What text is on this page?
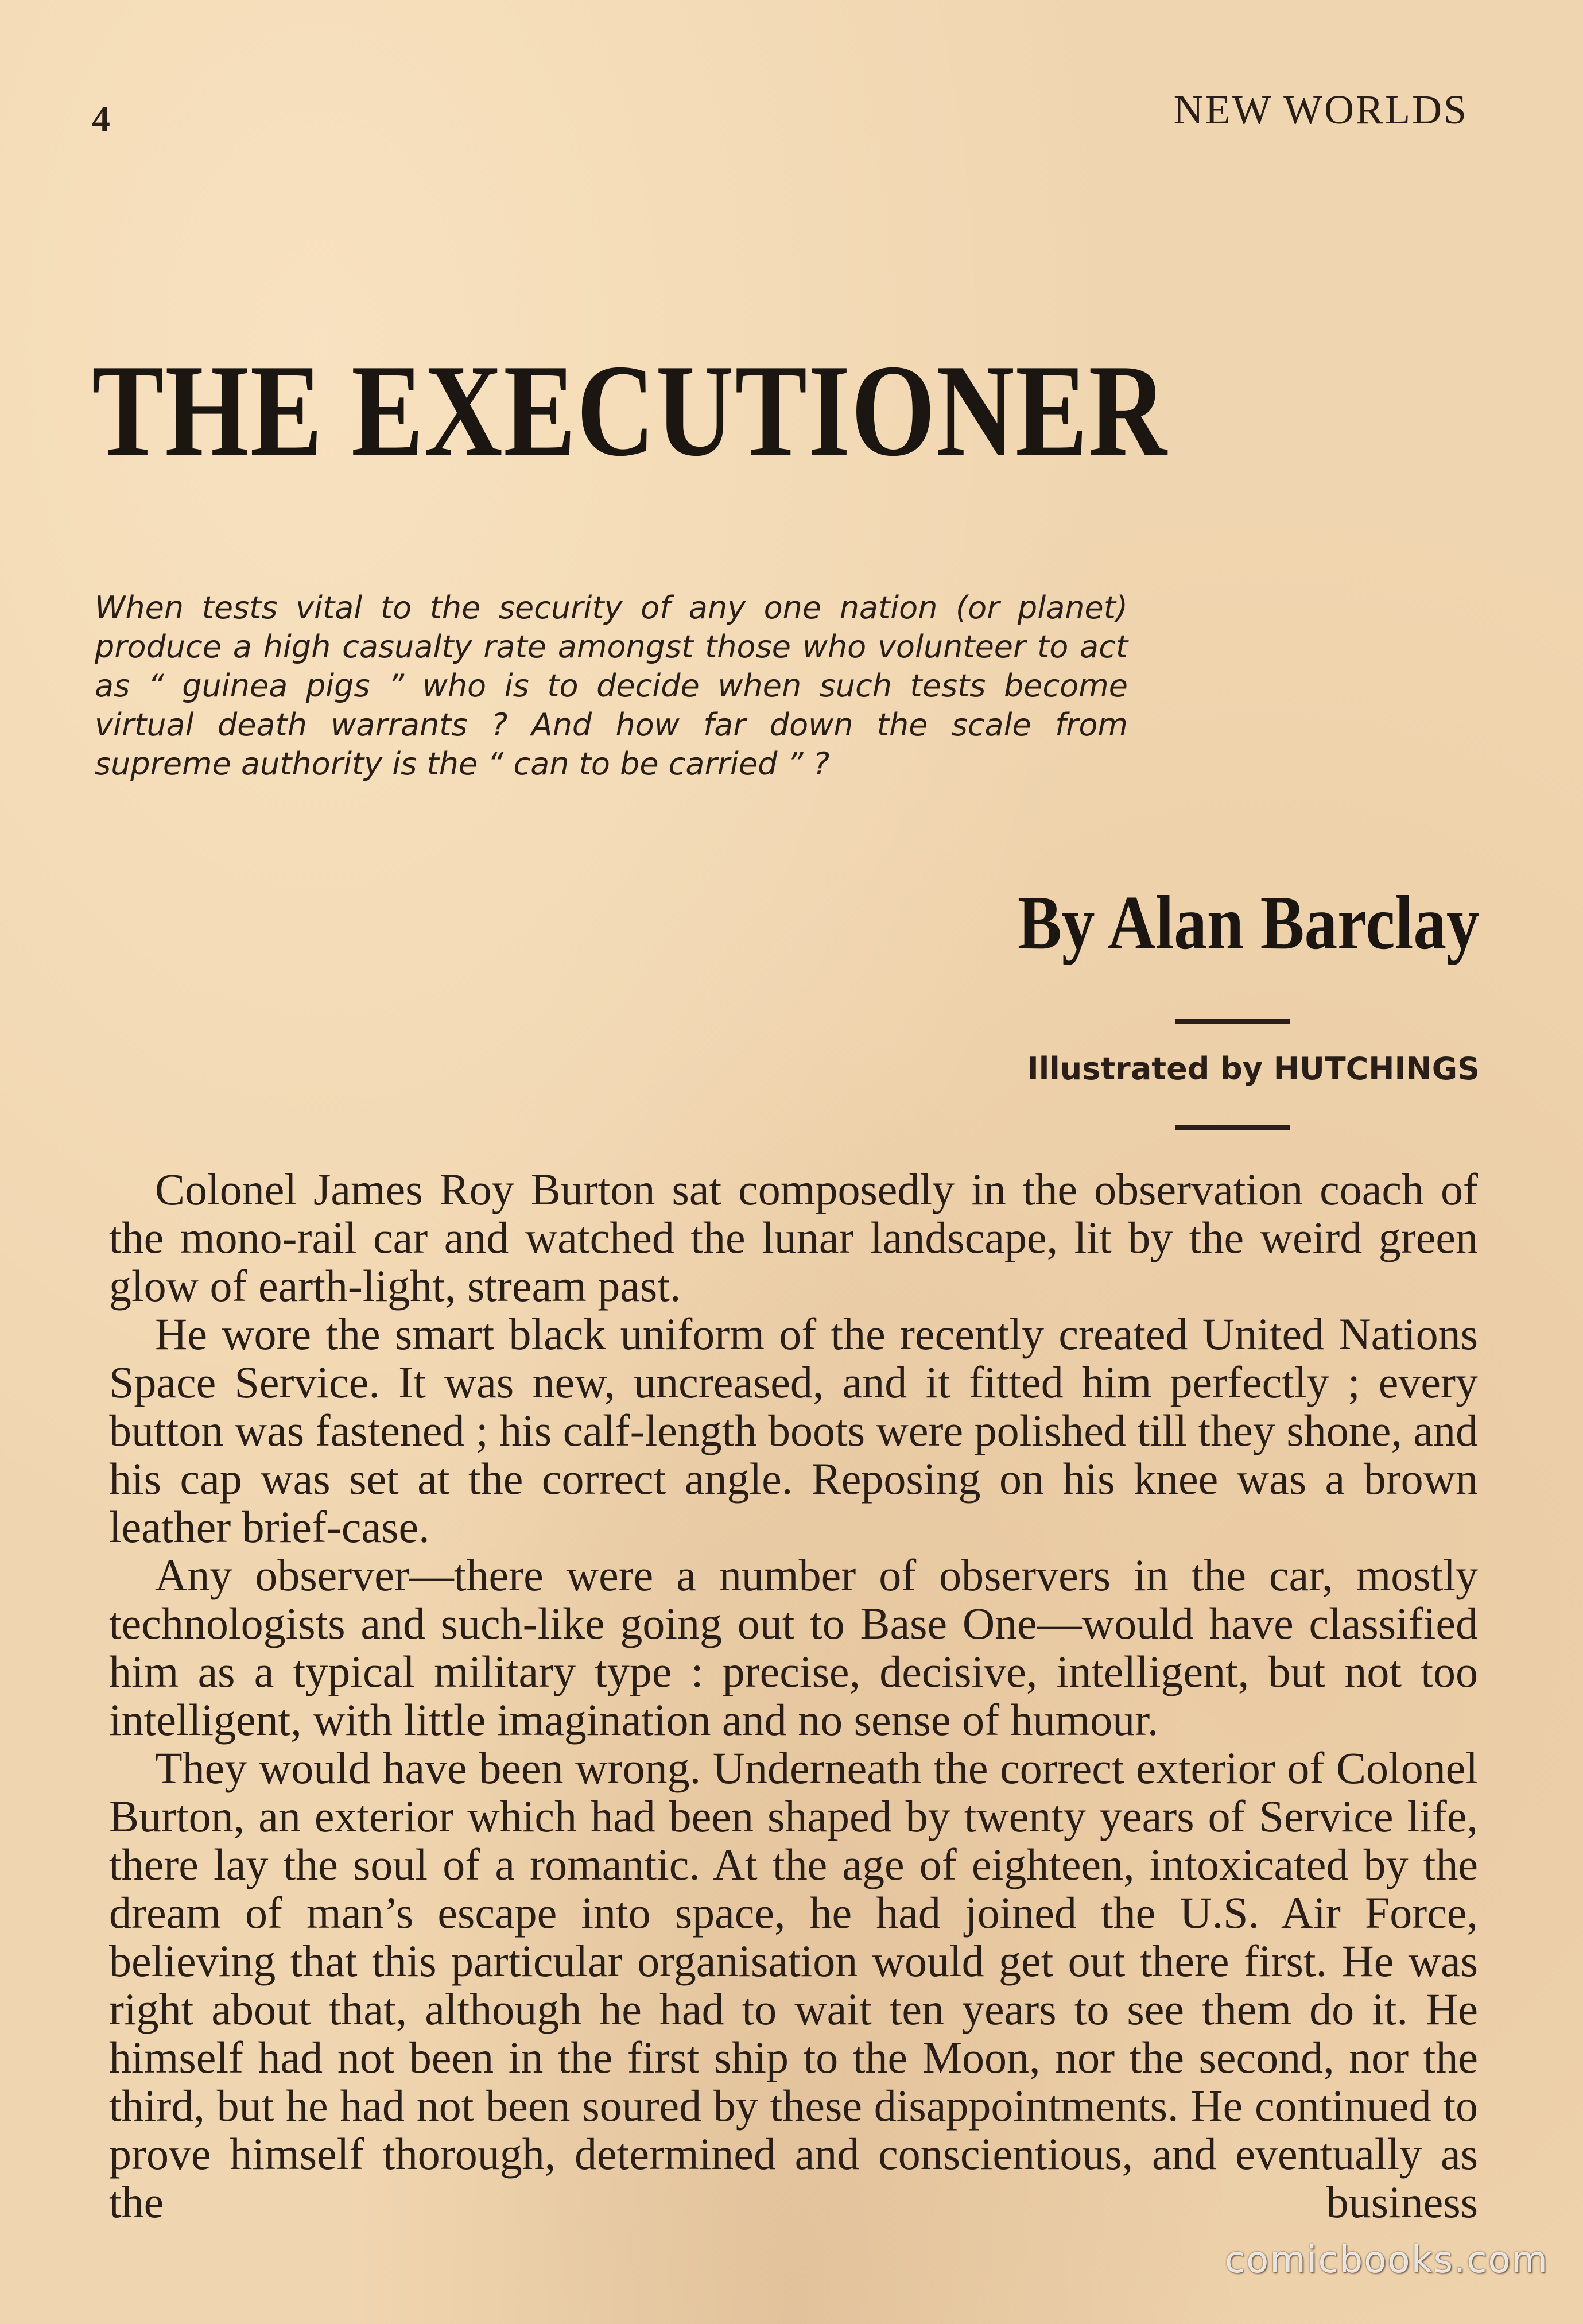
4	NEW WORLDS
THE EXECUTIONER
When tests vital to the security of any one nation (or planet) produce a high casualty rate amongst those who volunteer to act as “ guinea pigs ” who is to decide when such tests become virtual death warrants ? And how far down the scale from supreme authority is the “ can to be carried ” ?
By Alan Barclay
Illustrated by HUTCHINGS

Colonel James Roy Burton sat composedly in the observation coach of the mono-rail car and watched the lunar landscape, lit by the weird green glow of earth-light, stream past.

He wore the smart black uniform of the recently created United Nations Space Service. It was new, uncreased, and it fitted him perfectly ; every button was fastened ; his calf-length boots were polished till they shone, and his cap was set at the correct angle. Reposing on his knee was a brown leather brief-case.

Any observer—there were a number of observers in the car, mostly technologists and such-like going out to Base One—would have classified him as a typical military type : precise, decisive, intelligent, but not too intelligent, with little imagination and no sense of humour.

They would have been wrong. Underneath the correct exterior of Colonel Burton, an exterior which had been shaped by twenty years of Service life, there lay the soul of a romantic. At the age of eighteen, intoxicated by the dream of man’s escape into space, he had joined the U.S. Air Force, believing that this particular organisation would get out there first. He was right about that, although he had to wait ten years to see them do it. He himself had not been in the first ship to the Moon, nor the second, nor the third, but he had not been soured by these disappointments. He continued to prove himself thorough, determined and conscientious, and eventually as the business

comicbooks.com
